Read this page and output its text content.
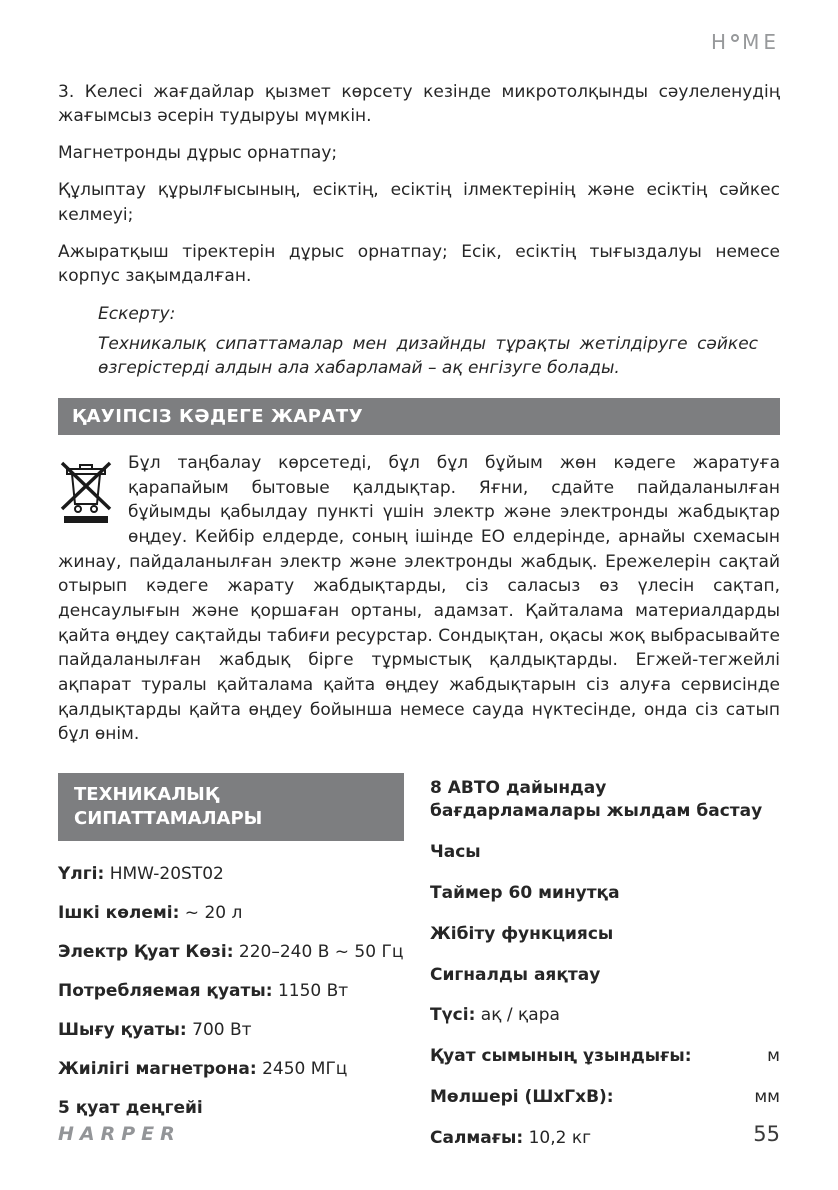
H ME

3. Келесі жағдайлар қызмет көрсету кезінде микротолқынды сәулеленудің жағымсыз әсерін тудыруы мүмкін.

Магнетронды дұрыс орнатпау;

Құлыптау құрылғысының, есіктің, есіктің ілмектерінің және есіктің сәйкес келмеуі;

Ажыратқыш тіректерін дұрыс орнатпау; Есік, есіктің тығыздалуы немесе корпус зақымдалған.

Ескерту:
Техникалық сипаттамалар мен дизайнды тұрақты жетілдіруге сәйкес өзгерістерді алдын ала хабарламай – ақ енгізуге болады.
ҚАУІПСІЗ КӘДЕГЕ ЖАРАТУ
Бұл таңбалау көрсетеді, бұл бұл бұйым жөн кәдеге жаратуға қарапайым бытовые қалдықтар. Яғни, сдайте пайдаланылған бұйымды қабылдау пункті үшін электр және электронды жабдықтар өңдеу. Кейбір елдерде, соның ішінде ЕО елдерінде, арнайы схемасын жинау, пайдаланылған электр және электронды жабдық. Ережелерін сақтай отырып кәдеге жарату жабдықтарды, сіз саласыз өз үлесін сақтап, денсаулығын және қоршаған ортаны, адамзат. Қайталама материалдарды қайта өңдеу сақтайды табиғи ресурстар. Сондықтан, оқасы жоқ выбрасывайте пайдаланылған жабдық бірге тұрмыстық қалдықтарды. Егжей-тегжейлі ақпарат туралы қайталама қайта өңдеу жабдықтарын сіз алуға сервисінде қалдықтарды қайта өңдеу бойынша немесе сауда нүктесінде, онда сіз сатып бұл өнім.
ТЕХНИКАЛЫҚ СИПАТТАМАЛАРЫ

Үлгі: HMW-20ST02

Ішкі көлемі: ~ 20 л

Электр Қуат Көзі: 220–240 В ~ 50 Гц

Потребляемая қуаты: 1150 Вт

Шығу қуаты: 700 Вт

Жиілігі магнетрона: 2450 МГц

5 қуат деңгейі

8 АВТО дайындау бағдарламалары жылдам бастау

Часы

Таймер 60 минутқа

Жібіту функциясы

Сигналды аяқтау

Түсі: ақ / қара

Қуат сымының ұзындығы:	м

Мөлшері (ШхГхВ):	мм

Салмағы: 10,2 кг

HARPER	55
